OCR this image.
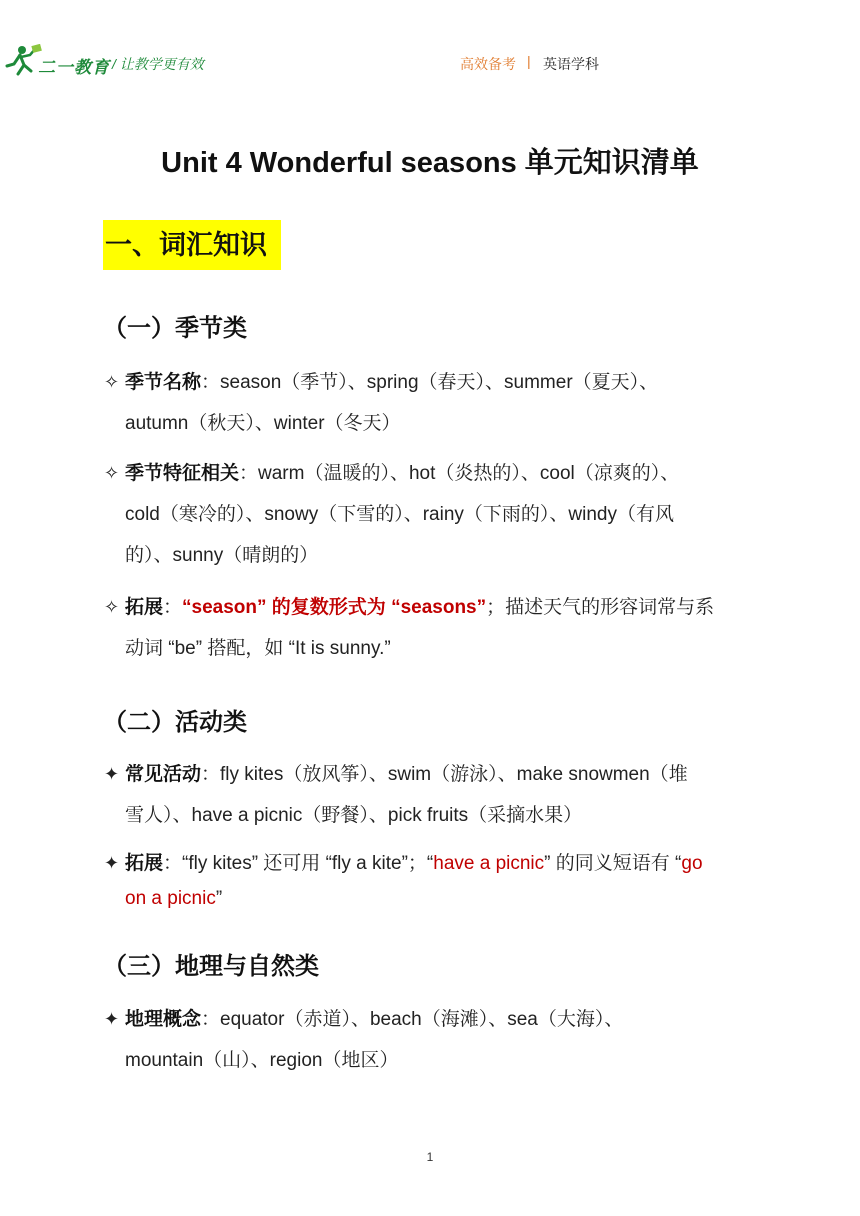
二一教育 / 让教学更有效	高效备考 | 英语学科
Unit 4 Wonderful seasons 单元知识清单
一、词汇知识
（一）季节类
✧ 季节名称：season（季节）、spring（春天）、summer（夏天）、
autumn（秋天）、winter（冬天）
✧ 季节特征相关：warm（温暖的）、hot（炎热的）、cool（凉爽的）、
cold（寒冷的）、snowy（下雪的）、rainy（下雨的）、windy（有风
的）、sunny（晴朗的）
✧ 拓展：“season” 的复数形式为 “seasons”；描述天气的形容词常与系
动词 “be” 搭配，如 “It is sunny.”
（二）活动类
✦ 常见活动：fly kites（放风筝）、swim（游泳）、make snowmen（堆
雪人）、have a picnic（野餐）、pick fruits（采摘水果）
✦ 拓展：“fly kites” 还可用 “fly a kite”；“have a picnic” 的同义短语有 “go
on a picnic”
（三）地理与自然类
✦ 地理概念：equator（赤道）、beach（海滩）、sea（大海）、
mountain（山）、region（地区）
1
